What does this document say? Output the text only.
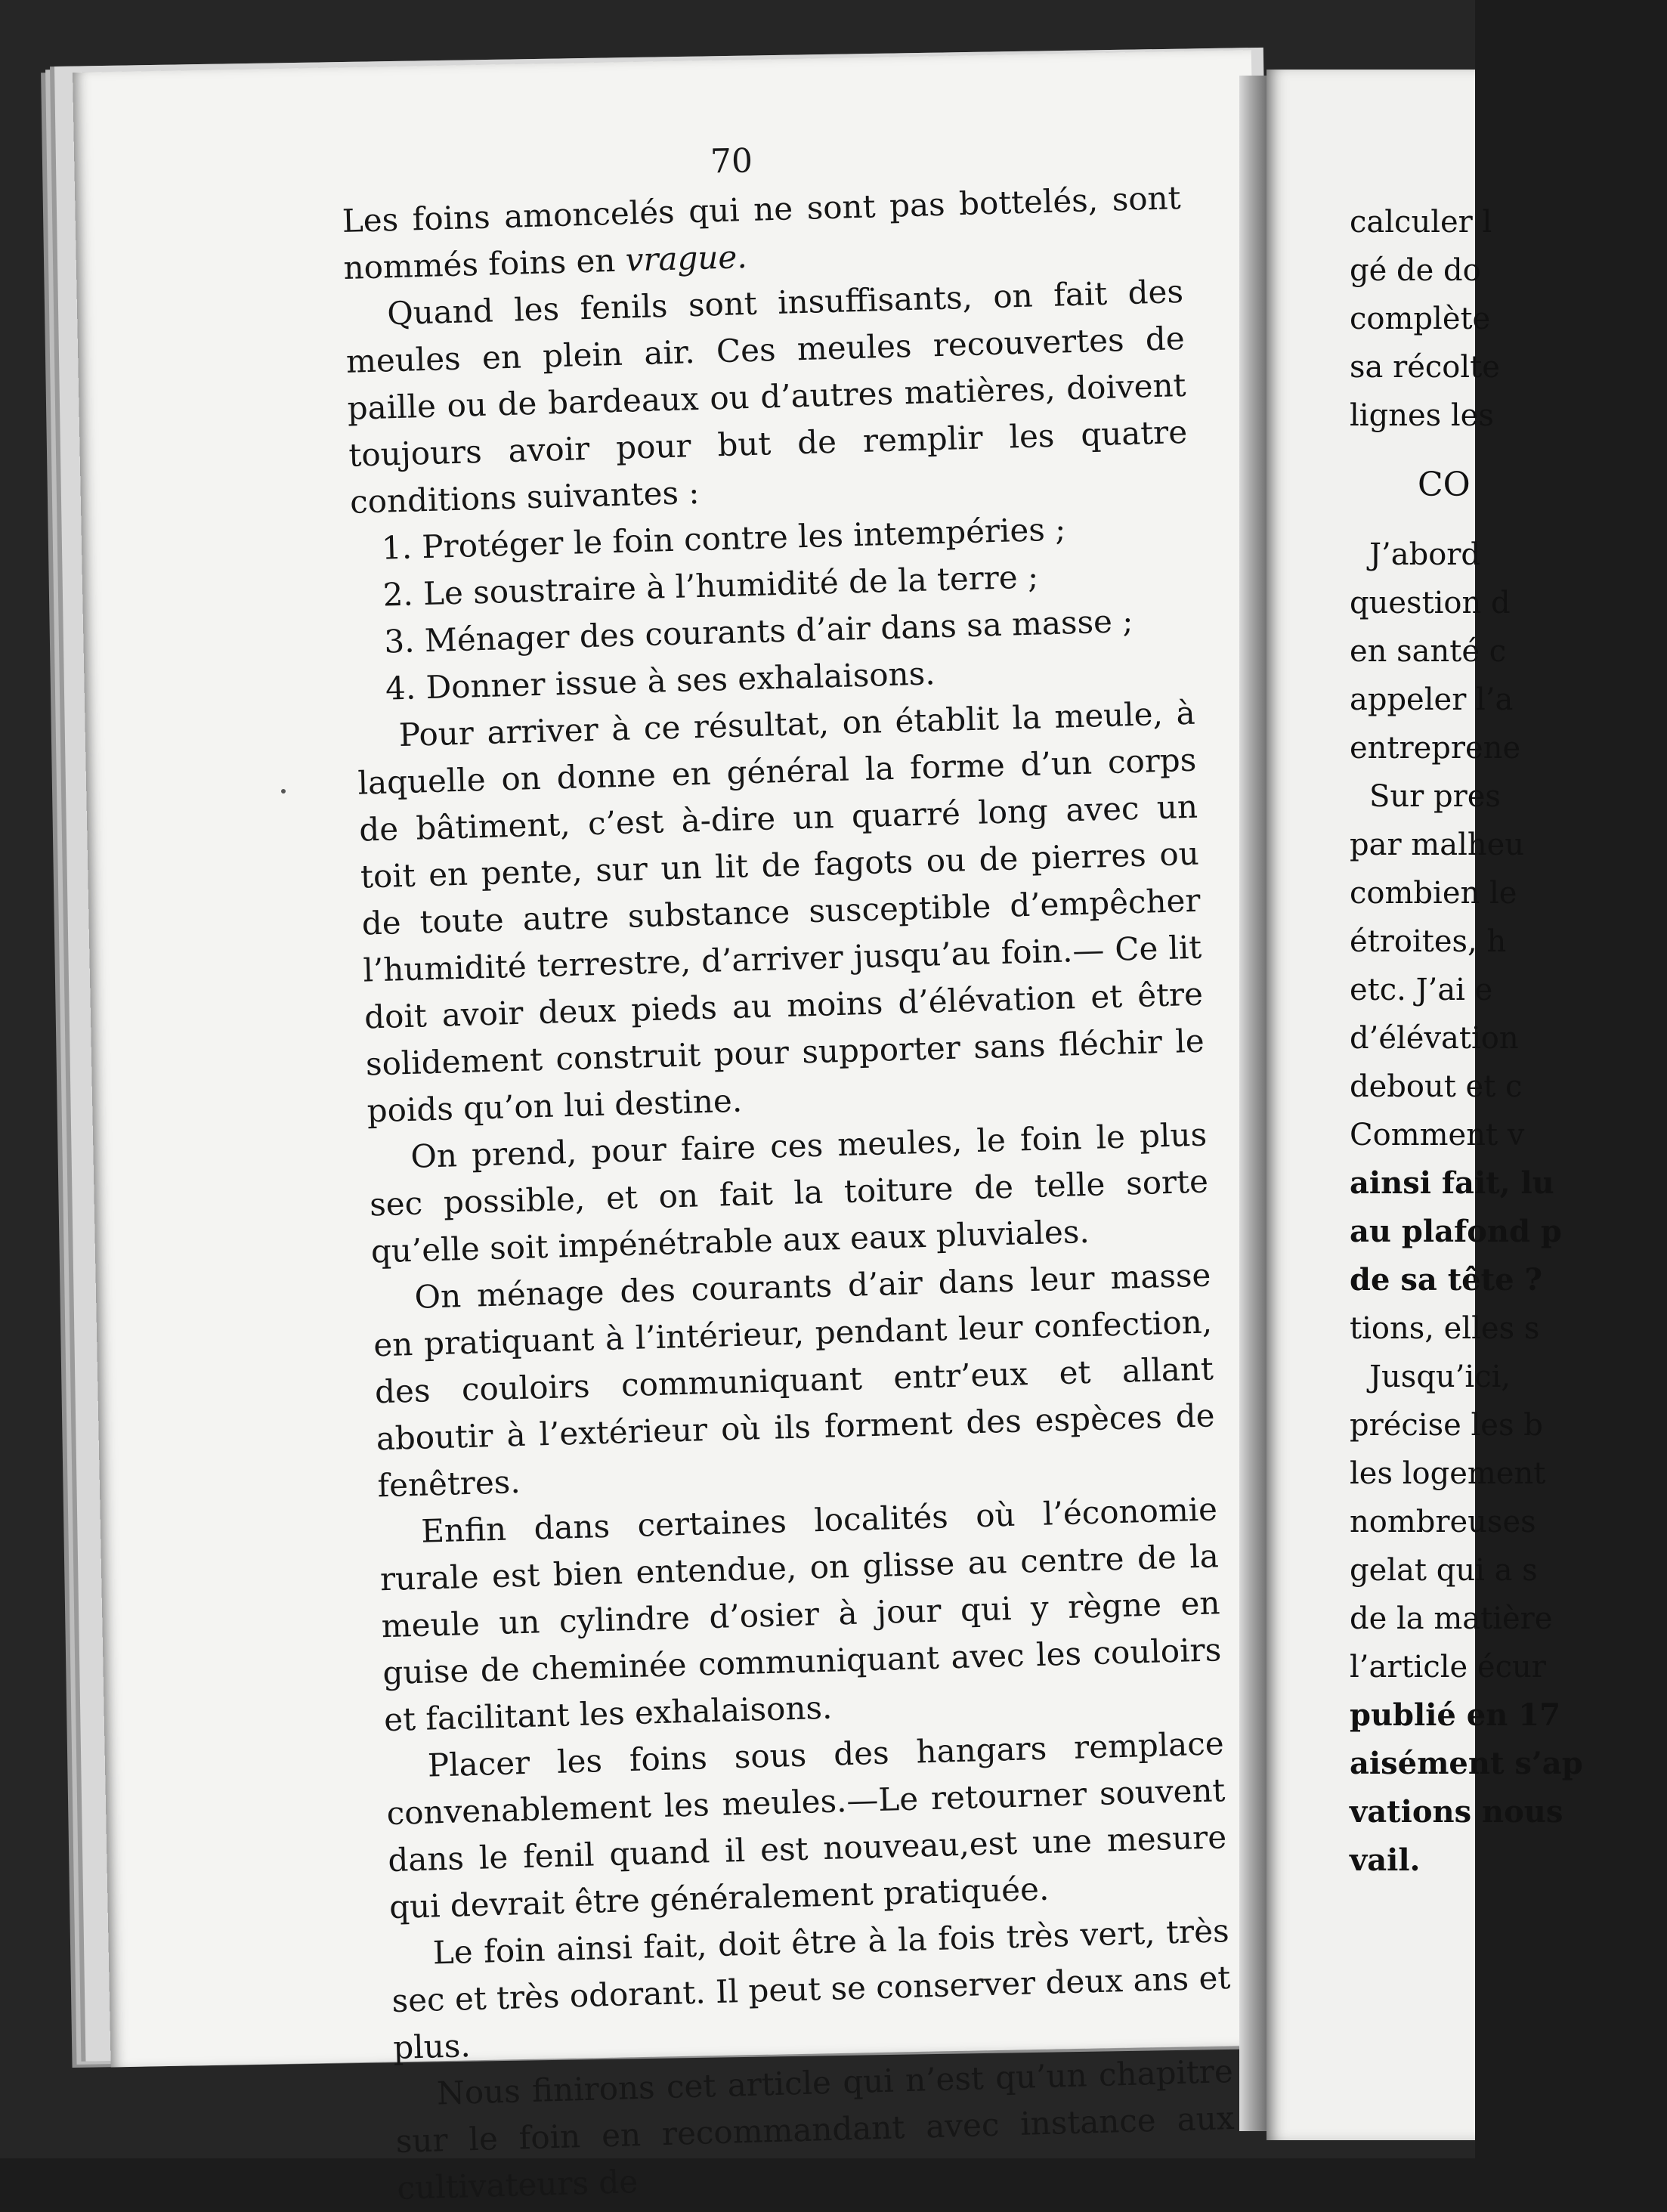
70

Les foins amoncelés qui ne sont pas bottelés, sont nommés foins en vrague.

Quand les fenils sont insuffisants, on fait des meules en plein air. Ces meules recouvertes de paille ou de bardeaux ou d’autres matières, doivent toujours avoir pour but de remplir les quatre conditions suivantes :

1. Protéger le foin contre les intempéries ;
2. Le soustraire à l’humidité de la terre ;
3. Ménager des courants d’air dans sa masse ;
4. Donner issue à ses exhalaisons.

Pour arriver à ce résultat, on établit la meule, à laquelle on donne en général la forme d’un corps de bâtiment, c’est à-dire un quarré long avec un toit en pente, sur un lit de fagots ou de pierres ou de toute autre substance susceptible d’empêcher l’humidité terrestre, d’arriver jusqu’au foin.— Ce lit doit avoir deux pieds au moins d’élévation et être solidement construit pour supporter sans fléchir le poids qu’on lui destine.

On prend, pour faire ces meules, le foin le plus sec possible, et on fait la toiture de telle sorte qu’elle soit impénétrable aux eaux pluviales.

On ménage des courants d’air dans leur masse en pratiquant à l’intérieur, pendant leur confection, des couloirs communiquant entr’eux et allant aboutir à l’extérieur où ils forment des espèces de fenêtres.

Enfin dans certaines localités où l’économie rurale est bien entendue, on glisse au centre de la meule un cylindre d’osier à jour qui y règne en guise de cheminée communiquant avec les couloirs et facilitant les exhalaisons.

Placer les foins sous des hangars remplace convenablement les meules.—Le retourner souvent dans le fenil quand il est nouveau,est une mesure qui devrait être généralement pratiquée.

Le foin ainsi fait, doit être à la fois très vert, très sec et très odorant. Il peut se conserver deux ans et plus.

Nous finirons cet article qui n’est qu’un chapitre sur le foin en recommandant avec instance aux cultivateurs de

calculer l
gé de do
complète
sa récolte
lignes les
CO
J’abord
question d
en santé c
appeler l’a
entreprene
Sur pres
par malheu
combien le
étroites, h
etc. J’ai e
d’élévation
debout et c
Comment v
ainsi fait, lu
au plafond p
de sa tête ?
tions, elles s
Jusqu’ici,
précise les b
les logement
nombreuses
gelat qui a s
de la matière
l’article écur
publié en 17
aisément s’ap
vations nous
vail.
